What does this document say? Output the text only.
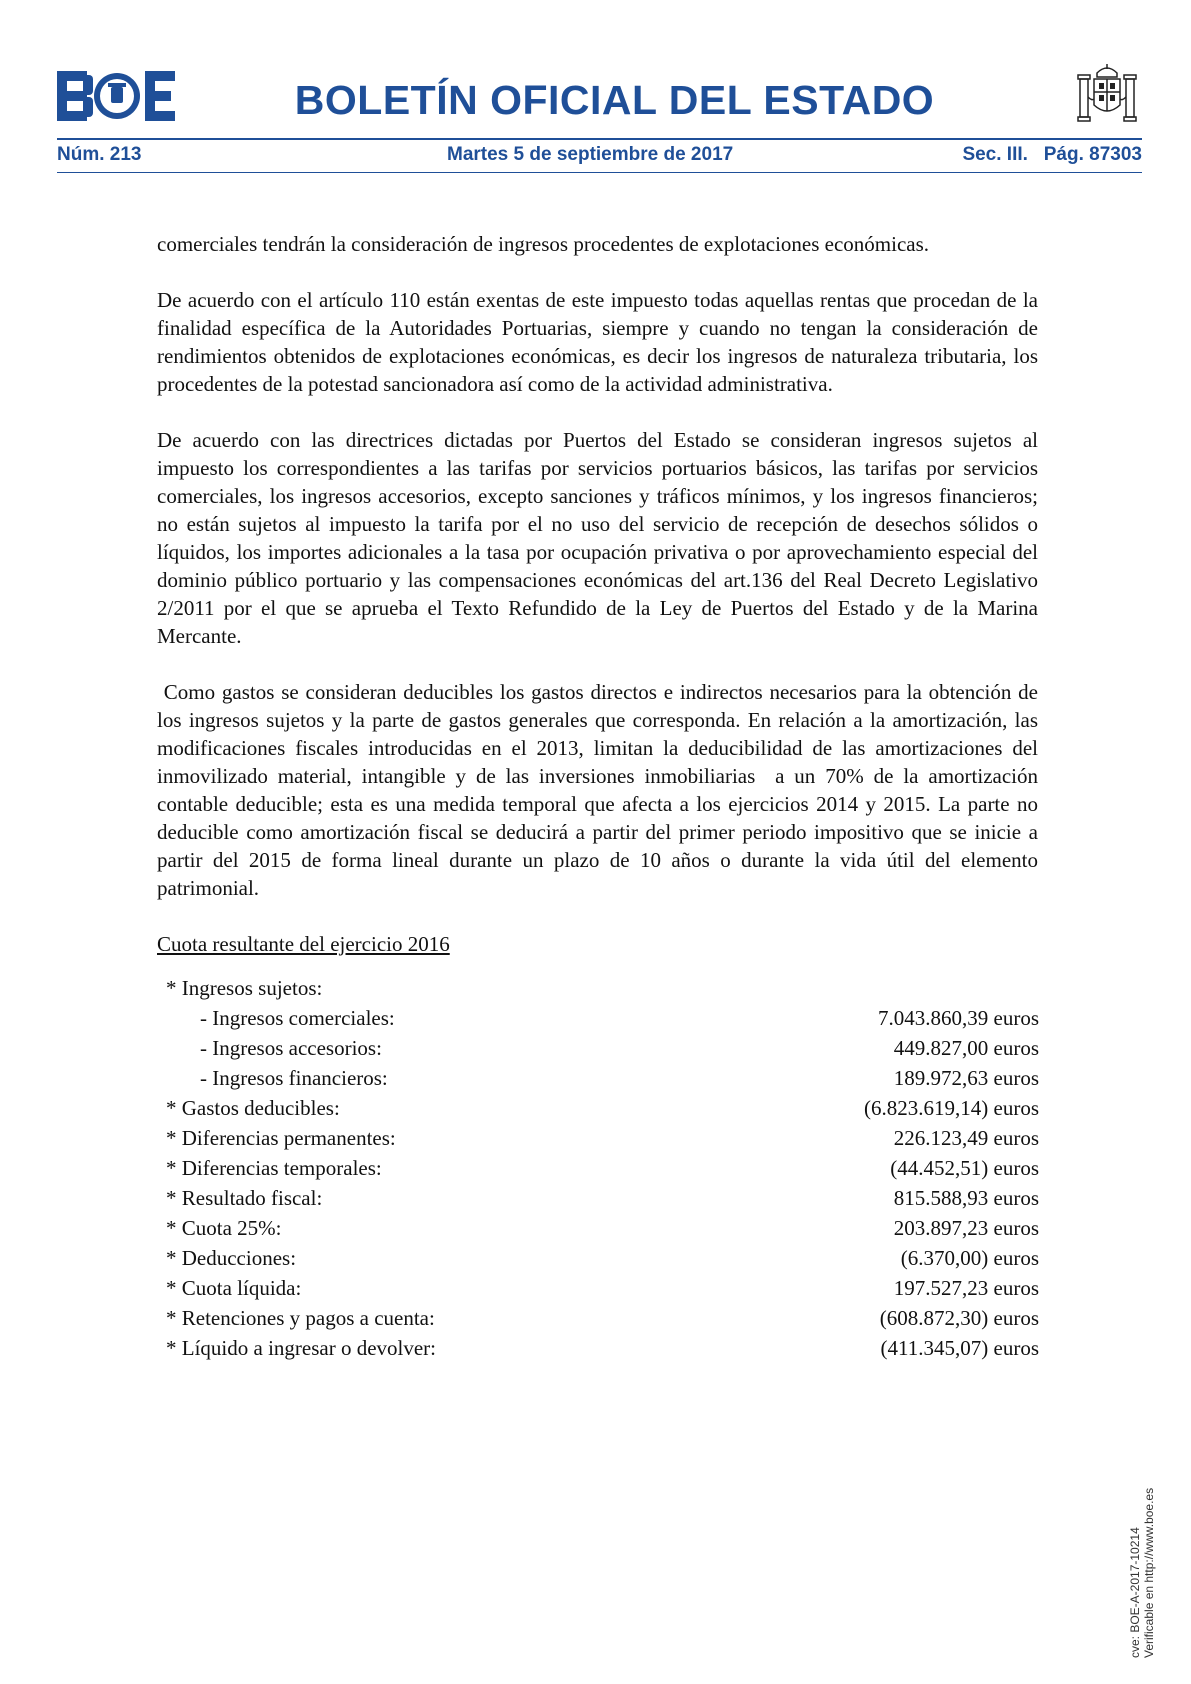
BOLETÍN OFICIAL DEL ESTADO
Núm. 213	Martes 5 de septiembre de 2017	Sec. III.   Pág. 87303

comerciales tendrán la consideración de ingresos procedentes de explotaciones económicas.

De acuerdo con el artículo 110 están exentas de este impuesto todas aquellas rentas que procedan de la finalidad específica de la Autoridades Portuarias, siempre y cuando no tengan la consideración de rendimientos obtenidos de explotaciones económicas, es decir los ingresos de naturaleza tributaria, los procedentes de la potestad sancionadora así como de la actividad administrativa.

De acuerdo con las directrices dictadas por Puertos del Estado se consideran ingresos sujetos al impuesto los correspondientes a las tarifas por servicios portuarios básicos, las tarifas por servicios comerciales, los ingresos accesorios, excepto sanciones y tráficos mínimos, y los ingresos financieros; no están sujetos al impuesto la tarifa por el no uso del servicio de recepción de desechos sólidos o líquidos, los importes adicionales a la tasa por ocupación privativa o por aprovechamiento especial del dominio público portuario y las compensaciones económicas del art.136 del Real Decreto Legislativo 2/2011 por el que se aprueba el Texto Refundido de la Ley de Puertos del Estado y de la Marina Mercante.

Como gastos se consideran deducibles los gastos directos e indirectos necesarios para la obtención de los ingresos sujetos y la parte de gastos generales que corresponda. En relación a la amortización, las modificaciones fiscales introducidas en el 2013, limitan la deducibilidad de las amortizaciones del inmovilizado material, intangible y de las inversiones inmobiliarias  a un 70% de la amortización contable deducible; esta es una medida temporal que afecta a los ejercicios 2014 y 2015. La parte no deducible como amortización fiscal se deducirá a partir del primer periodo impositivo que se inicie a partir del 2015 de forma lineal durante un plazo de 10 años o durante la vida útil del elemento patrimonial.

Cuota resultante del ejercicio 2016
* Ingresos sujetos:	
- Ingresos comerciales:	7.043.860,39 euros
- Ingresos accesorios:	449.827,00 euros
- Ingresos financieros:	189.972,63 euros
* Gastos deducibles:	(6.823.619,14) euros
* Diferencias permanentes:	226.123,49 euros
* Diferencias temporales:	(44.452,51) euros
* Resultado fiscal:	815.588,93 euros
* Cuota 25%:	203.897,23 euros
* Deducciones:	(6.370,00) euros
* Cuota líquida:	197.527,23 euros
* Retenciones y pagos a cuenta:	(608.872,30) euros
* Líquido a ingresar o devolver:	(411.345,07) euros
cve: BOE-A-2017-10214 Verificable en http://www.boe.es
